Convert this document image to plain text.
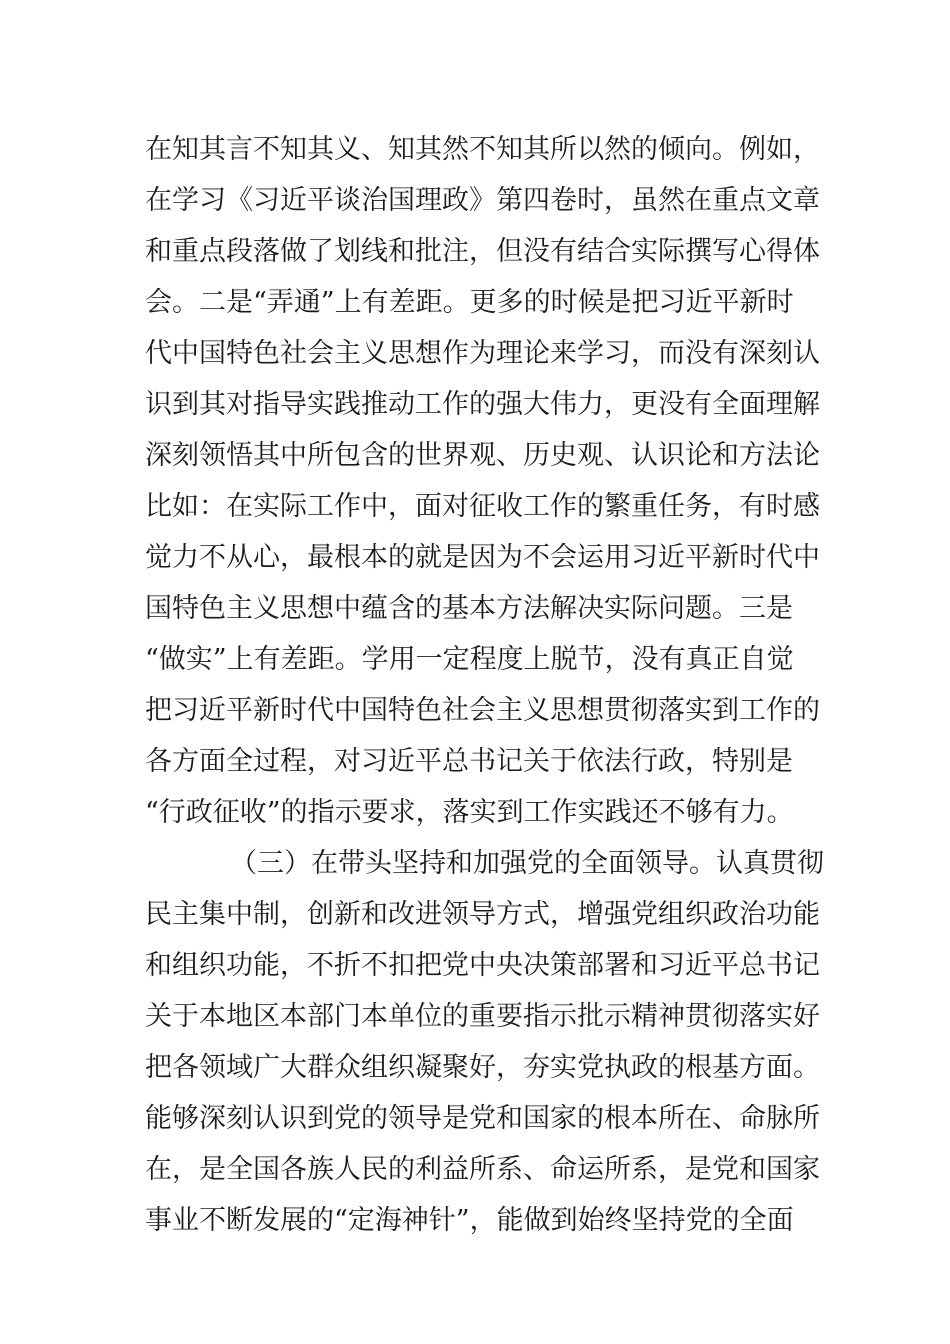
在知其言不知其义、知其然不知其所以然的倾向。例如，
在学习《习近平谈治国理政》第四卷时，虽然在重点文章
和重点段落做了划线和批注，但没有结合实际撰写心得体
会。二是“弄通”上有差距。更多的时候是把习近平新时
代中国特色社会主义思想作为理论来学习，而没有深刻认
识到其对指导实践推动工作的强大伟力，更没有全面理解
深刻领悟其中所包含的世界观、历史观、认识论和方法论
比如：在实际工作中，面对征收工作的繁重任务，有时感
觉力不从心，最根本的就是因为不会运用习近平新时代中
国特色主义思想中蕴含的基本方法解决实际问题。三是
“做实”上有差距。学用一定程度上脱节，没有真正自觉
把习近平新时代中国特色社会主义思想贯彻落实到工作的
各方面全过程，对习近平总书记关于依法行政，特别是
“行政征收”的指示要求，落实到工作实践还不够有力。
（三）在带头坚持和加强党的全面领导。认真贯彻
民主集中制，创新和改进领导方式，增强党组织政治功能
和组织功能，不折不扣把党中央决策部署和习近平总书记
关于本地区本部门本单位的重要指示批示精神贯彻落实好
把各领域广大群众组织凝聚好，夯实党执政的根基方面。
能够深刻认识到党的领导是党和国家的根本所在、命脉所
在，是全国各族人民的利益所系、命运所系，是党和国家
事业不断发展的“定海神针”，能做到始终坚持党的全面
